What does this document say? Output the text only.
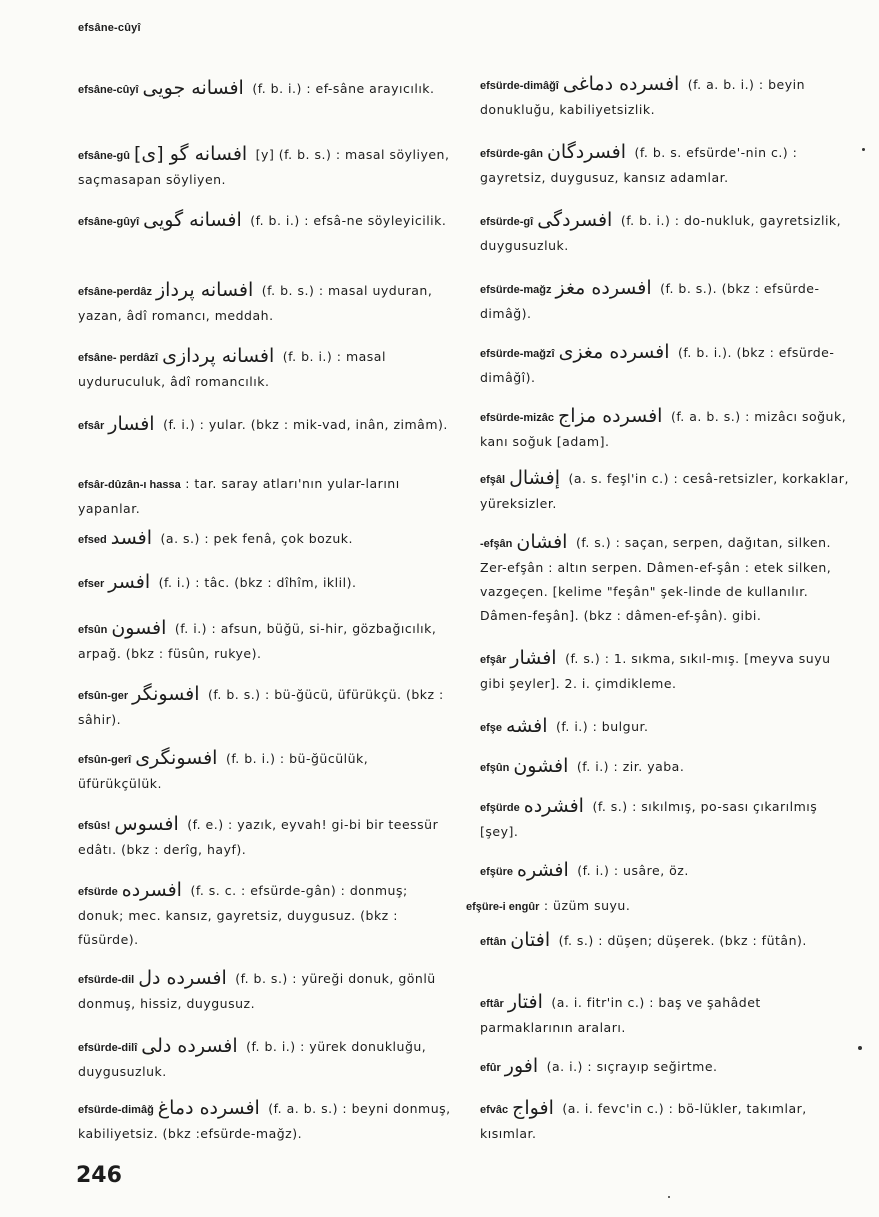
efsâne-cûyî
efsâne-cûyî افسانه جويى (f. b. i.) : ef-sâne arayıcılık.
efsâne-gû افسانه گو [ى] [y] (f. b. s.) : masal söyliyen, saçmasapan söyliyen.
efsâne-gûyî افسانه گويى (f. b. i.) : efsâ-ne söyleyicilik.
efsâne-perdâz افسانه پرداز (f. b. s.) : masal uyduran, yazan, âdî romancı, meddah.
efsâne- perdâzî افسانه پردازى (f. b. i.) : masal uyduruculuk, âdî romancılık.
efsâr افسار (f. i.) : yular. (bkz : mik-vad, inân, zimâm).
efsâr-dûzân-ı hassa : tar. saray atları'nın yular-larını yapanlar.
efsed افسد (a. s.) : pek fenâ, çok bozuk.
efser افسر (f. i.) : tâc. (bkz : dîhîm, iklil).
efsûn افسون (f. i.) : afsun, büğü, si-hir, gözbağıcılık, arpağ. (bkz : füsûn, rukye).
efsûn-ger افسونگر (f. b. s.) : bü-ğücü, üfürükçü. (bkz : sâhir).
efsûn-gerî افسونگرى (f. b. i.) : bü-ğücülük, üfürükçülük.
efsûs! افسوس (f. e.) : yazık, eyvah! gi-bi bir teessür edâtı. (bkz : derîg, hayf).
efsürde افسرده (f. s. c. : efsürde-gân) : donmuş; donuk; mec. kansız, gayretsiz, duygusuz. (bkz : füsürde).
efsürde-dil افسرده دل (f. b. s.) : yüreği donuk, gönlü donmuş, hissiz, duygusuz.
efsürde-dilî افسرده دلى (f. b. i.) : yürek donukluğu, duygusuzluk.
efsürde-dimâğ افسرده دماغ (f. a. b. s.) : beyni donmuş, kabiliyetsiz. (bkz :efsürde-mağz).
efsürde-dimâğî افسرده دماغى (f. a. b. i.) : beyin donukluğu, kabiliyetsizlik.
efsürde-gân افسردگان (f. b. s. efsürde'-nin c.) : gayretsiz, duygusuz, kansız adamlar.
efsürde-gî افسردگى (f. b. i.) : do-nukluk, gayretsizlik, duygusuzluk.
efsürde-mağz افسرده مغز (f. b. s.). (bkz : efsürde-dimâğ).
efsürde-mağzî افسرده مغزى (f. b. i.). (bkz : efsürde-dimâğî).
efsürde-mizâc افسرده مزاج (f. a. b. s.) : mizâcı soğuk, kanı soğuk [adam].
efşâl إفشال (a. s. feşl'in c.) : cesâ-retsizler, korkaklar, yüreksizler.
-efşân افشان (f. s.) : saçan, serpen, dağıtan, silken. Zer-efşân : altın serpen. Dâmen-ef-şân : etek silken, vazgeçen. [kelime "feşân" şek-linde de kullanılır. Dâmen-feşân]. (bkz : dâmen-ef-şân). gibi.
efşâr افشار (f. s.) : 1. sıkma, sıkıl-mış. [meyva suyu gibi şeyler]. 2. i. çimdikleme.
efşe افشه (f. i.) : bulgur.
efşûn افشون (f. i.) : zir. yaba.
efşürde افشرده (f. s.) : sıkılmış, po-sası çıkarılmış [şey].
efşüre افشره (f. i.) : usâre, öz.
efşüre-i engûr : üzüm suyu.
eftân افتان (f. s.) : düşen; düşerek. (bkz : fütân).
eftâr افتار (a. i. fitr'in c.) : baş ve şahâdet parmaklarının araları.
efûr افور (a. i.) : sıçrayıp seğirtme.
efvâc افواج (a. i. fevc'in c.) : bö-lükler, takımlar, kısımlar.
246
